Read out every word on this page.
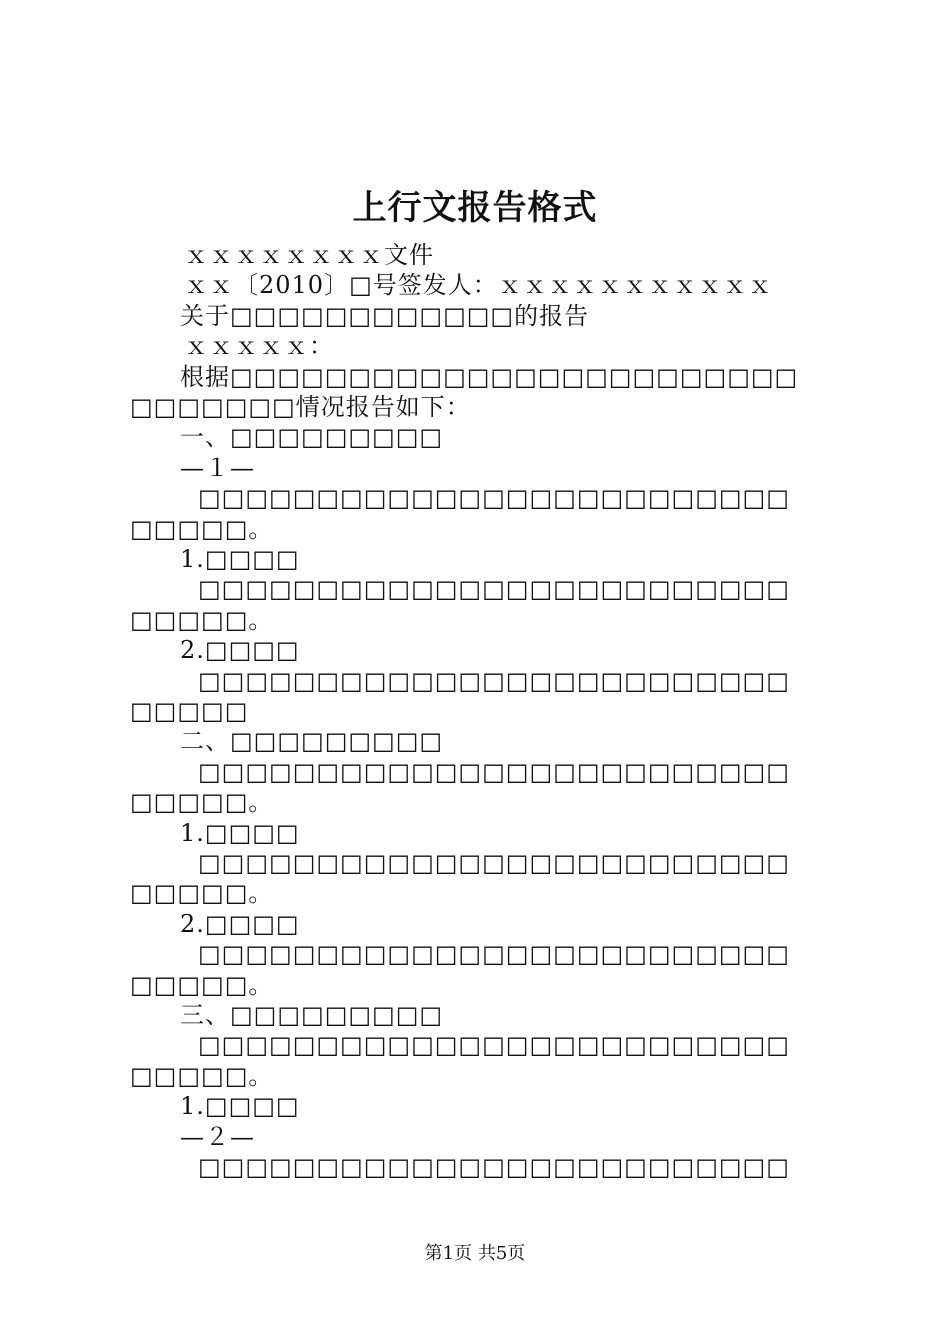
上行文报告格式
ｘｘｘｘｘｘｘｘ文件
ｘｘ〔2010〕□号签发人：ｘｘｘｘｘｘｘｘｘｘｘ
关于□□□□□□□□□□□□的报告
ｘｘｘｘｘ：
根据□□□□□□□□□□□□□□□□□□□□□□□□
□□□□□□□情况报告如下：
一、□□□□□□□□□
—１—
□□□□□□□□□□□□□□□□□□□□□□□□□
□□□□□。
1.□□□□
□□□□□□□□□□□□□□□□□□□□□□□□□
□□□□□。
2.□□□□
□□□□□□□□□□□□□□□□□□□□□□□□□
□□□□□
二、□□□□□□□□□
□□□□□□□□□□□□□□□□□□□□□□□□□
□□□□□。
1.□□□□
□□□□□□□□□□□□□□□□□□□□□□□□□
□□□□□。
2.□□□□
□□□□□□□□□□□□□□□□□□□□□□□□□
□□□□□。
三、□□□□□□□□□
□□□□□□□□□□□□□□□□□□□□□□□□□
□□□□□。
1.□□□□
—２—
□□□□□□□□□□□□□□□□□□□□□□□□□
第1页 共5页
